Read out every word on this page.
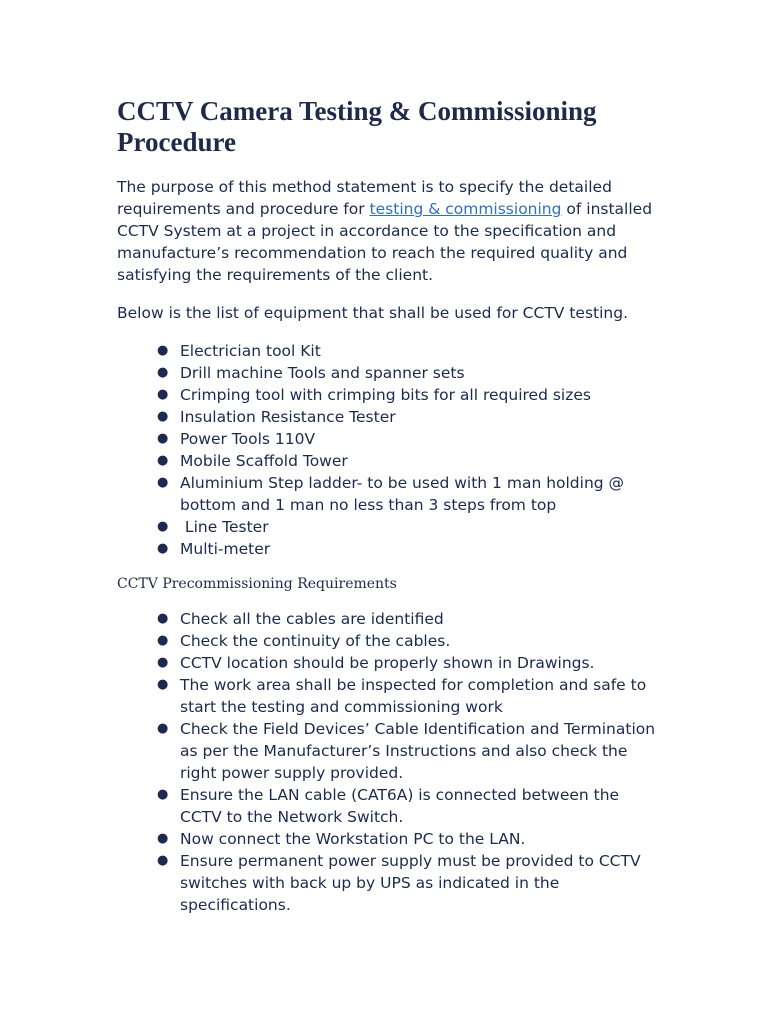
CCTV Camera Testing & Commissioning Procedure

The purpose of this method statement is to specify the detailed requirements and procedure for testing & commissioning of installed CCTV System at a project in accordance to the specification and manufacture’s recommendation to reach the required quality and satisfying the requirements of the client.

Below is the list of equipment that shall be used for CCTV testing.

● Electrician tool Kit
● Drill machine Tools and spanner sets
● Crimping tool with crimping bits for all required sizes
● Insulation Resistance Tester
● Power Tools 110V
● Mobile Scaffold Tower
● Aluminium Step ladder- to be used with 1 man holding @ bottom and 1 man no less than 3 steps from top
● Line Tester
● Multi-meter
CCTV Precommissioning Requirements
● Check all the cables are identified
● Check the continuity of the cables.
● CCTV location should be properly shown in Drawings.
● The work area shall be inspected for completion and safe to start the testing and commissioning work
● Check the Field Devices’ Cable Identification and Termination as per the Manufacturer’s Instructions and also check the right power supply provided.
● Ensure the LAN cable (CAT6A) is connected between the CCTV to the Network Switch.
● Now connect the Workstation PC to the LAN.
● Ensure permanent power supply must be provided to CCTV switches with back up by UPS as indicated in the specifications.
